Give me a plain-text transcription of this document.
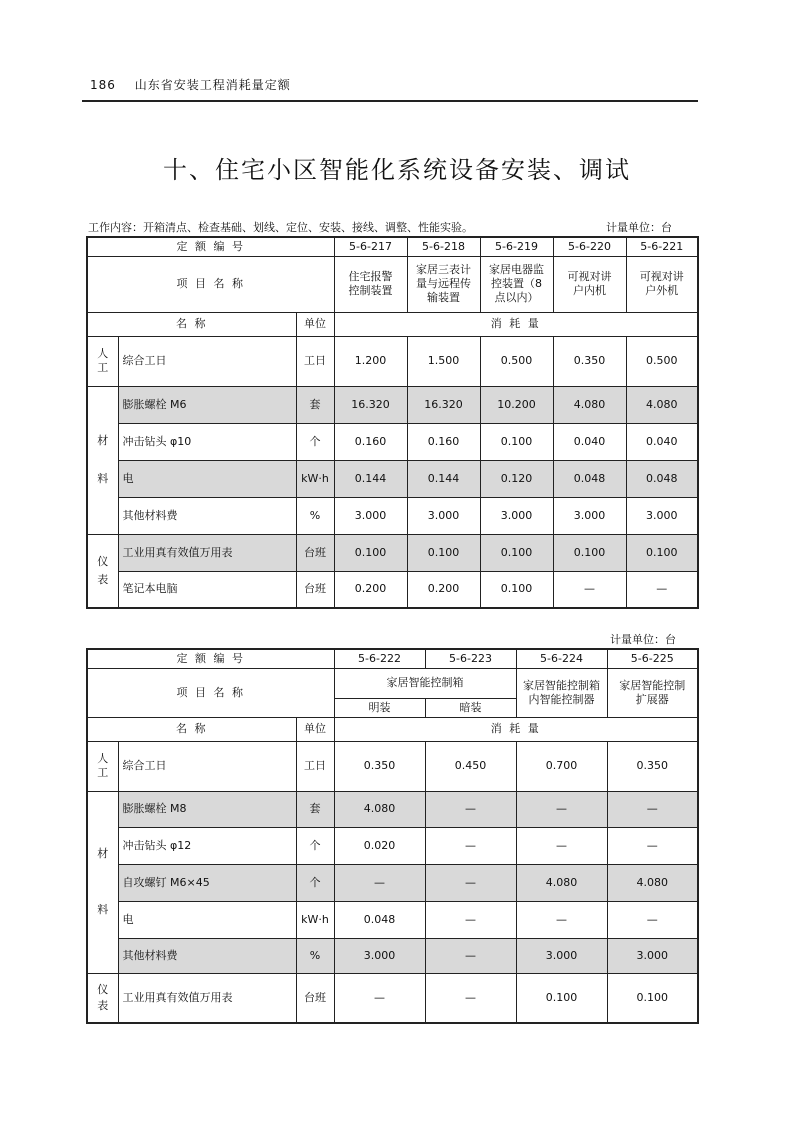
186 山东省安装工程消耗量定额
十、住宅小区智能化系统设备安装、调试
工作内容：开箱清点、检查基础、划线、定位、安装、接线、调整、性能实验。	计量单位：台
定 额 编 号			5-6-217	5-6-218	5-6-219	5-6-220	5-6-221
项 目 名 称			住宅报警控制装置	家居三表计量与远程传输装置	家居电器监控装置（8点以内）	可视对讲户内机	可视对讲户外机

名 称		单位	消 耗 量				

人工	综合工日	工日	1.200	1.500	0.500	0.350	0.500

材料	膨胀螺栓 M6	套	16.320	16.320	10.200	4.080	4.080
	冲击钻头 φ10	个	0.160	0.160	0.100	0.040	0.040
	电	kW·h	0.144	0.144	0.120	0.048	0.048
	其他材料费	%	3.000	3.000	3.000	3.000	3.000

仪表	工业用真有效值万用表	台班	0.100	0.100	0.100	0.100	0.100
	笔记本电脑	台班	0.200	0.200	0.100	—	—
计量单位：台
定 额 编 号			5-6-222	5-6-223	5-6-224	5-6-225
项 目 名 称			家居智能控制箱		家居智能控制箱内智能控制器	家居智能控制扩展器

			明装	暗装		
名 称		单位	消 耗 量			

人工	综合工日	工日	0.350	0.450	0.700	0.350

材料	膨胀螺栓 M8	套	4.080	—	—	—
	冲击钻头 φ12	个	0.020	—	—	—
	自攻螺钉 M6×45	个	—	—	4.080	4.080
	电	kW·h	0.048	—	—	—
	其他材料费	%	3.000	—	3.000	3.000

仪表	工业用真有效值万用表	台班	—	—	0.100	0.100
